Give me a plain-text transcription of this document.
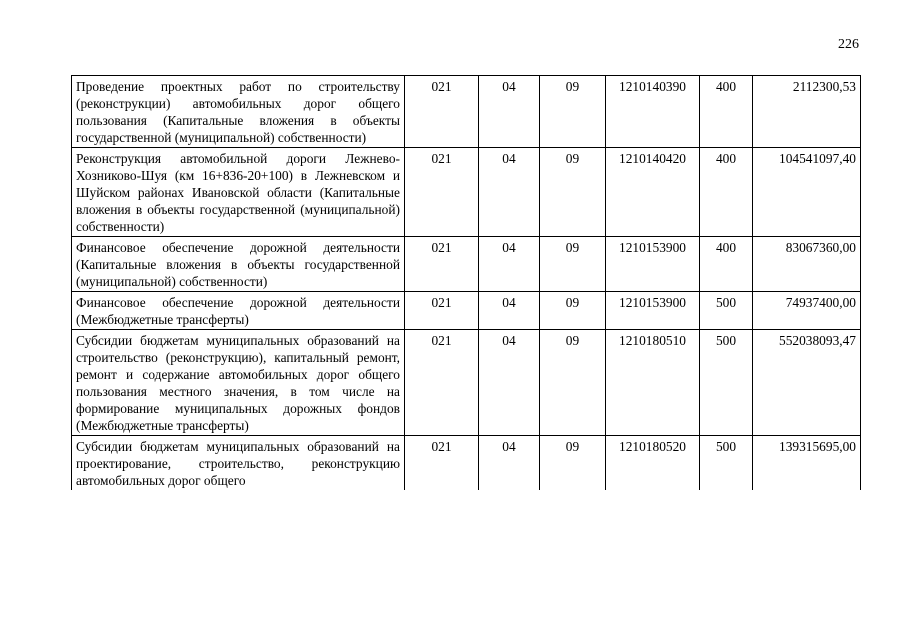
226
Проведение проектных работ по строительству (реконструкции) автомобильных дорог общего пользования (Капитальные вложения в объекты государственной (муниципальной) собственности)	021	04	09	1210140390	400	2112300,53
Реконструкция автомобильной дороги Лежнево-Хозниково-Шуя (км 16+836-20+100) в Лежневском и Шуйском районах Ивановской области (Капитальные вложения в объекты государственной (муниципальной) собственности)	021	04	09	1210140420	400	104541097,40
Финансовое обеспечение дорожной деятельности (Капитальные вложения в объекты государственной (муниципальной) собственности)	021	04	09	1210153900	400	83067360,00
Финансовое обеспечение дорожной деятельности (Межбюджетные трансферты)	021	04	09	1210153900	500	74937400,00
Субсидии бюджетам муниципальных образований на строительство (реконструкцию), капитальный ремонт, ремонт и содержание автомобильных дорог общего пользования местного значения, в том числе на формирование муниципальных дорожных фондов (Межбюджетные трансферты)	021	04	09	1210180510	500	552038093,47
Субсидии бюджетам муниципальных образований на проектирование, строительство, реконструкцию автомобильных дорог общего	021	04	09	1210180520	500	139315695,00
